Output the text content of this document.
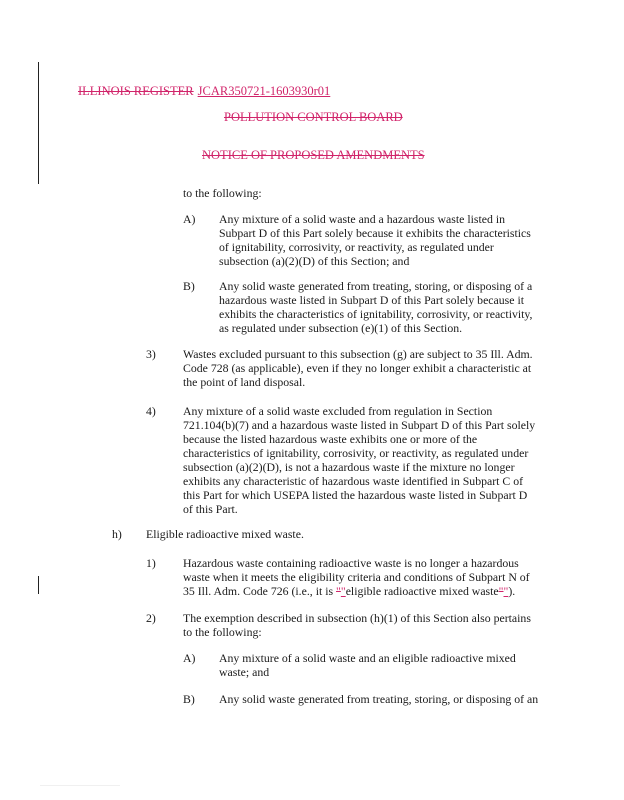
ILLINOIS REGISTER JCAR350721-1603930r01
POLLUTION CONTROL BOARD
NOTICE OF PROPOSED AMENDMENTS
to the following:
A) Any mixture of a solid waste and a hazardous waste listed in
Subpart D of this Part solely because it exhibits the characteristics
of ignitability, corrosivity, or reactivity, as regulated under
subsection (a)(2)(D) of this Section; and
B) Any solid waste generated from treating, storing, or disposing of a
hazardous waste listed in Subpart D of this Part solely because it
exhibits the characteristics of ignitability, corrosivity, or reactivity,
as regulated under subsection (e)(1) of this Section.
3) Wastes excluded pursuant to this subsection (g) are subject to 35 Ill. Adm.
Code 728 (as applicable), even if they no longer exhibit a characteristic at
the point of land disposal.
4) Any mixture of a solid waste excluded from regulation in Section
721.104(b)(7) and a hazardous waste listed in Subpart D of this Part solely
because the listed hazardous waste exhibits one or more of the
characteristics of ignitability, corrosivity, or reactivity, as regulated under
subsection (a)(2)(D), is not a hazardous waste if the mixture no longer
exhibits any characteristic of hazardous waste identified in Subpart C of
this Part for which USEPA listed the hazardous waste listed in Subpart D
of this Part.
h) Eligible radioactive mixed waste.
1) Hazardous waste containing radioactive waste is no longer a hazardous
waste when it meets the eligibility criteria and conditions of Subpart N of
35 Ill. Adm. Code 726 (i.e., it is ""eligible radioactive mixed waste"").
2) The exemption described in subsection (h)(1) of this Section also pertains
to the following:
A) Any mixture of a solid waste and an eligible radioactive mixed
waste; and
B) Any solid waste generated from treating, storing, or disposing of an
